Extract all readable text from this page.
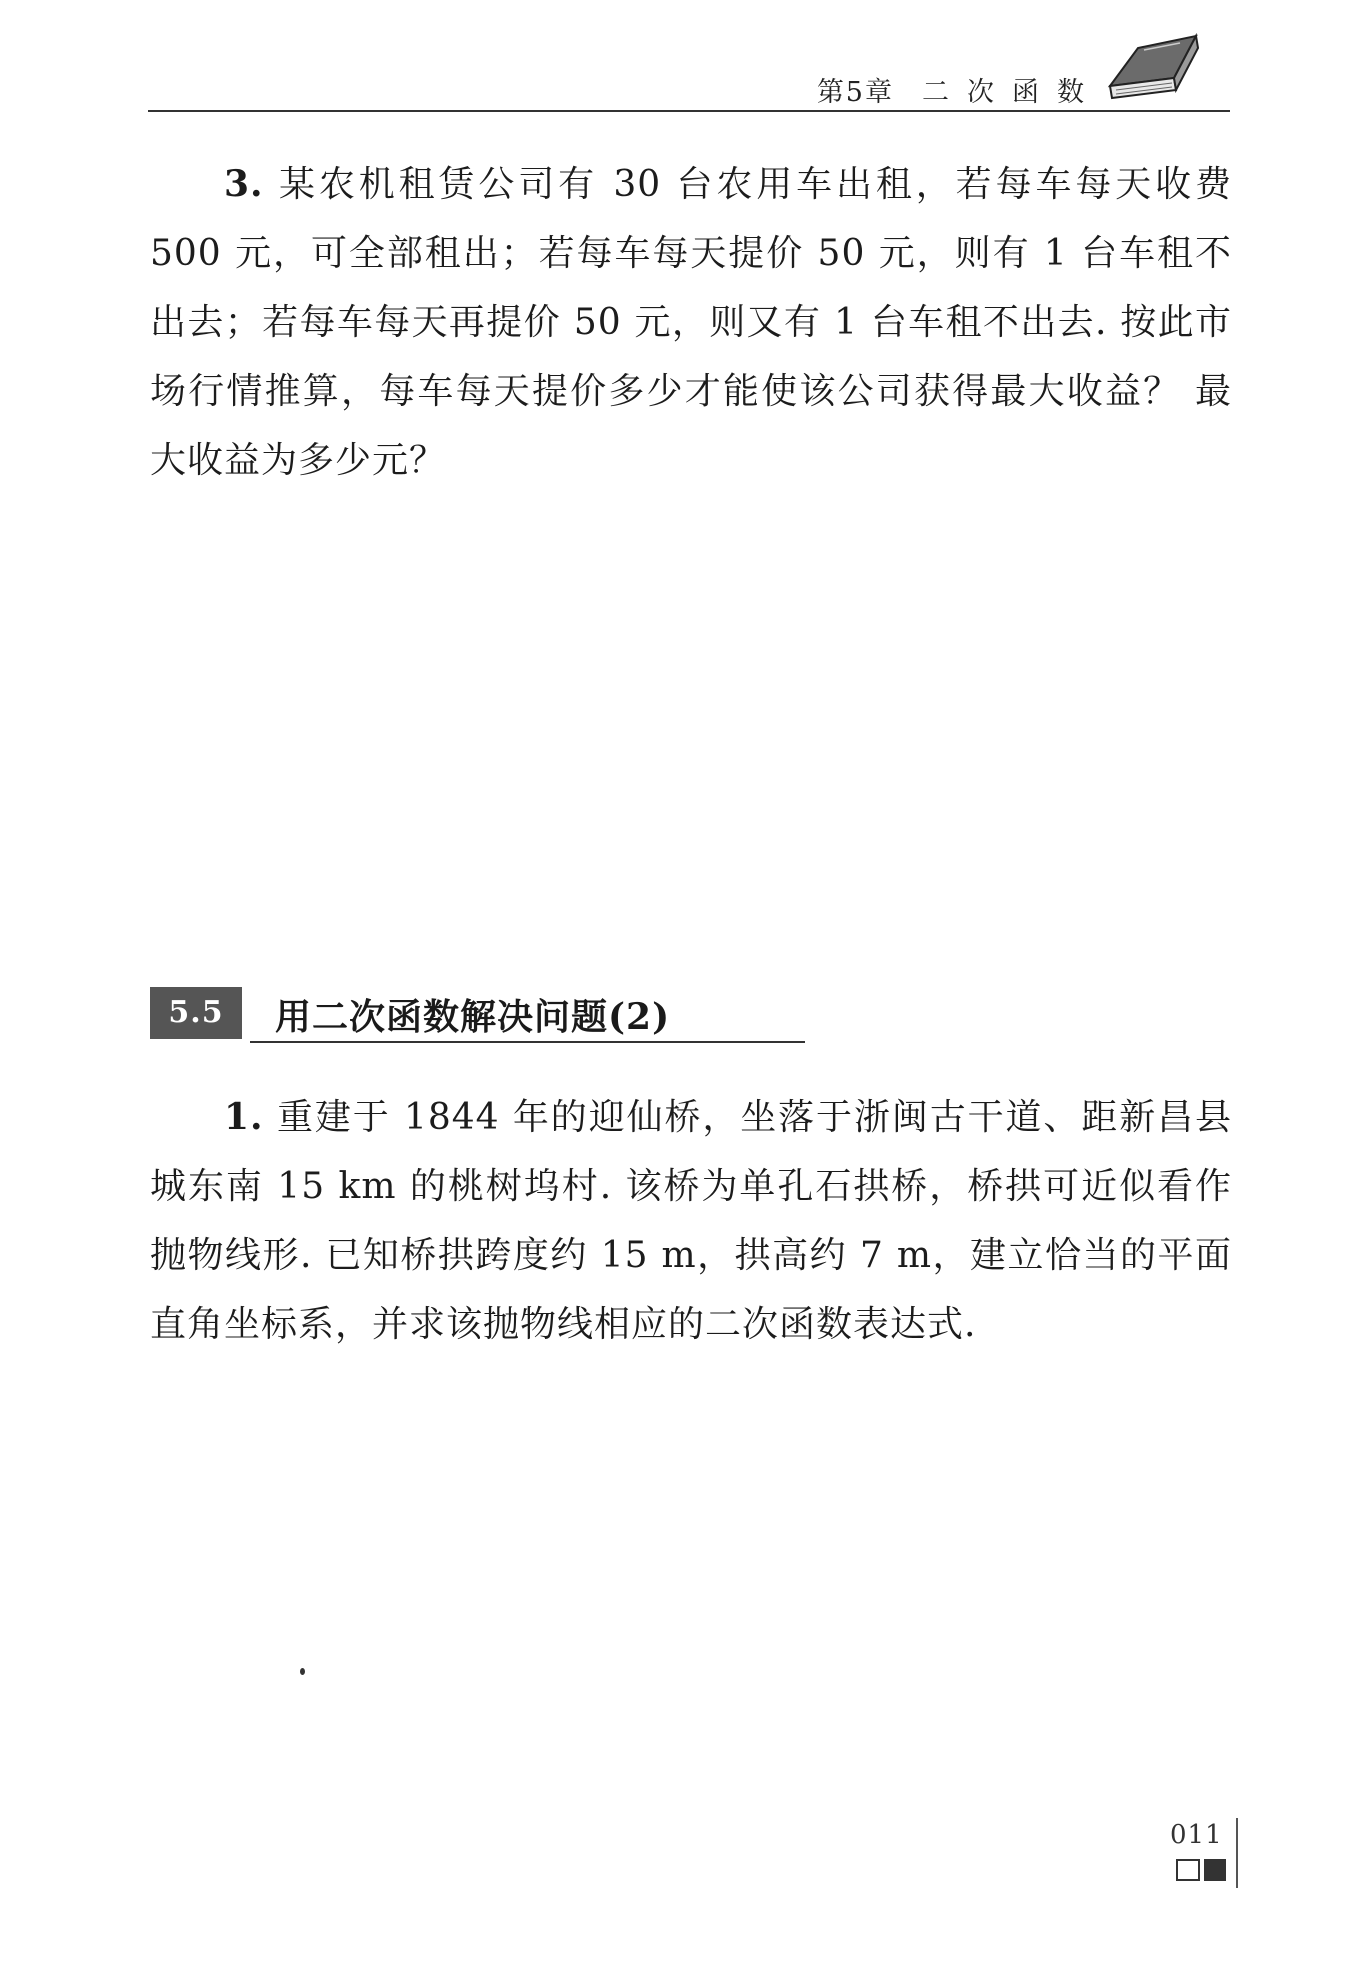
第5章 二次函数
3. 某农机租赁公司有 30 台农用车出租，若每车每天收费 500 元，可全部租出；若每车每天提价 50 元，则有 1 台车租不出去；若每车每天再提价 50 元，则又有 1 台车租不出去. 按此市场行情推算，每车每天提价多少才能使该公司获得最大收益？ 最大收益为多少元？
5.5	用二次函数解决问题(2)
1. 重建于 1844 年的迎仙桥，坐落于浙闽古干道、距新昌县城东南 15 km 的桃树坞村. 该桥为单孔石拱桥，桥拱可近似看作抛物线形. 已知桥拱跨度约 15 m，拱高约 7 m，建立恰当的平面直角坐标系，并求该抛物线相应的二次函数表达式.
011
